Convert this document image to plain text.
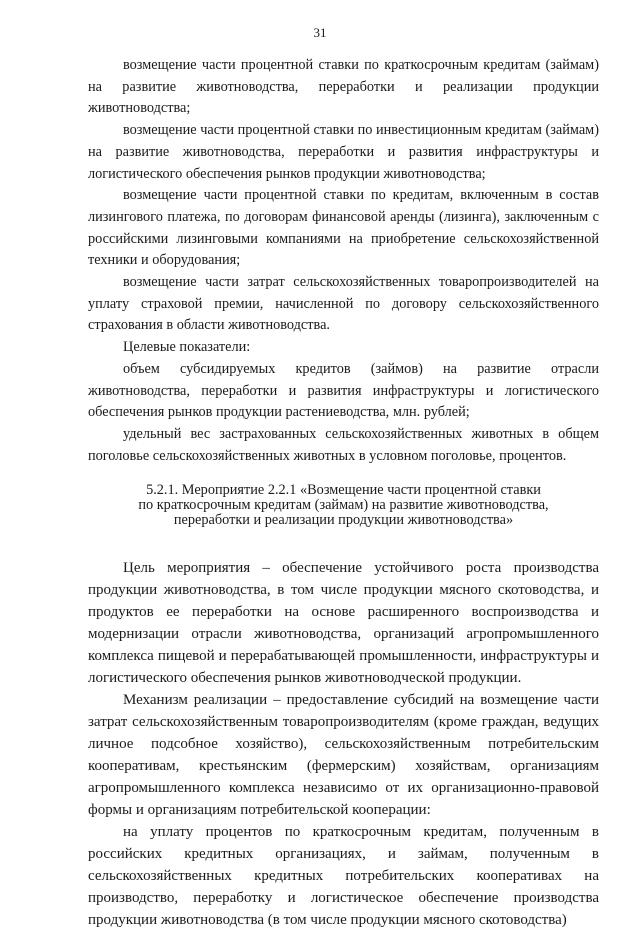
31

возмещение части процентной ставки по краткосрочным кредитам (займам) на развитие животноводства, переработки и реализации продукции животноводства;

возмещение части процентной ставки по инвестиционным кредитам (займам) на развитие животноводства, переработки и развития инфраструктуры и логистического обеспечения рынков продукции животноводства;

возмещение части процентной ставки по кредитам, включенным в состав лизингового платежа, по договорам финансовой аренды (лизинга), заключенным с российскими лизинговыми компаниями на приобретение сельскохозяйственной техники и оборудования;

возмещение части затрат сельскохозяйственных товаропроизводителей на уплату страховой премии, начисленной по договору сельскохозяйственного страхования в области животноводства.

Целевые показатели:

объем субсидируемых кредитов (займов) на развитие отрасли животноводства, переработки и развития инфраструктуры и логистического обеспечения рынков продукции растениеводства, млн. рублей;

удельный вес застрахованных сельскохозяйственных животных в общем поголовье сельскохозяйственных животных в условном поголовье, процентов.

5.2.1. Мероприятие 2.2.1 «Возмещение части процентной ставки
по краткосрочным кредитам (займам) на развитие животноводства,
переработки и реализации продукции животноводства»

Цель мероприятия – обеспечение устойчивого роста производства продукции животноводства, в том числе продукции мясного скотоводства, и продуктов ее переработки на основе расширенного воспроизводства и модернизации отрасли животноводства, организаций агропромышленного комплекса пищевой и перерабатывающей промышленности, инфраструктуры и логистического обеспечения рынков животноводческой продукции.

Механизм реализации – предоставление субсидий на возмещение части затрат сельскохозяйственным товаропроизводителям (кроме граждан, ведущих личное подсобное хозяйство), сельскохозяйственным потребительским кооперативам, крестьянским (фермерским) хозяйствам, организациям агропромышленного комплекса независимо от их организационно-правовой формы и организациям потребительской кооперации:

на уплату процентов по краткосрочным кредитам, полученным в российских кредитных организациях, и займам, полученным в сельскохозяйственных кредитных потребительских кооперативах на производство, переработку и логистическое обеспечение производства продукции животноводства (в том числе продукции мясного скотоводства)
